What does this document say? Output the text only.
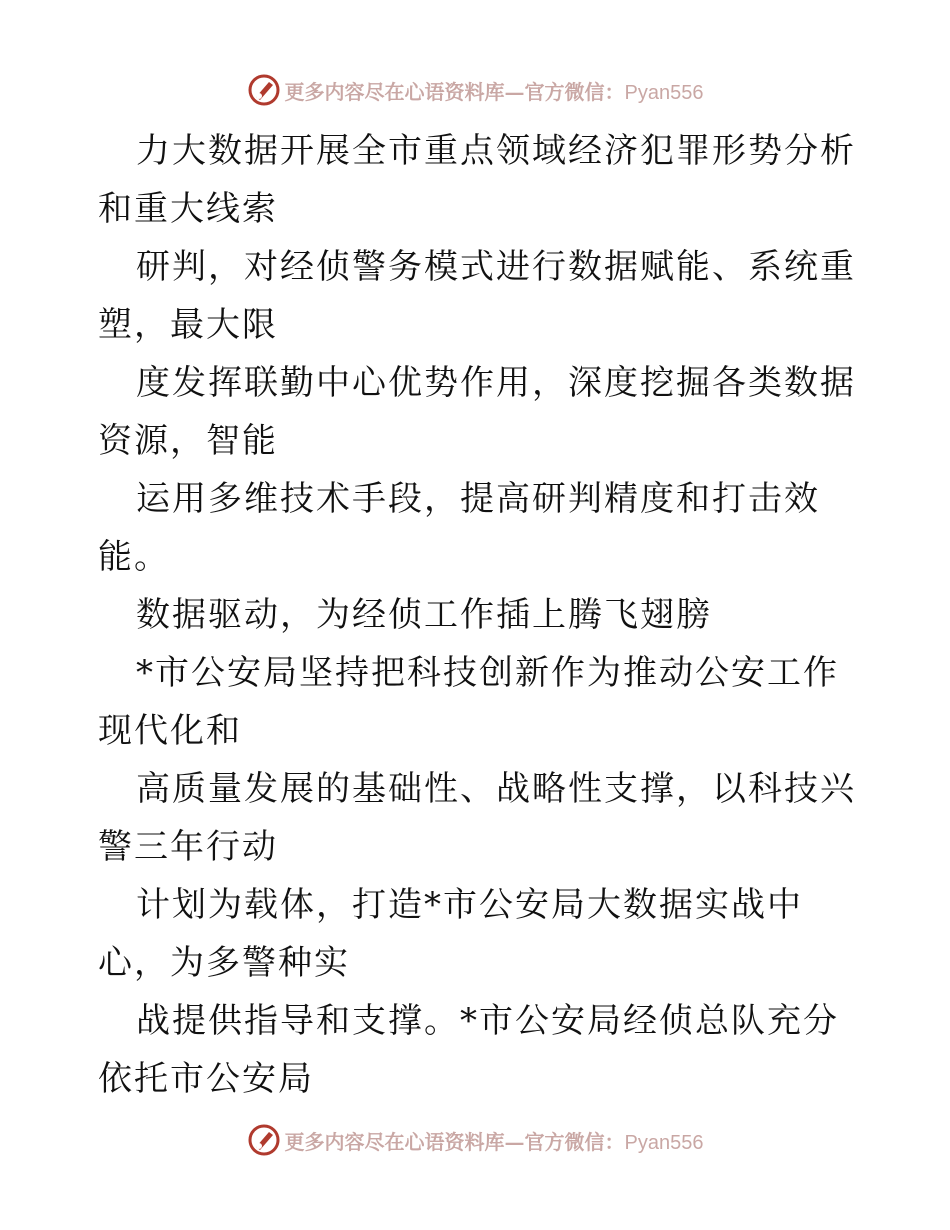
更多内容尽在心语资料库—官方微信：Pyan556

力大数据开展全市重点领域经济犯罪形势分析和重大线索

研判，对经侦警务模式进行数据赋能、系统重塑，最大限

度发挥联勤中心优势作用，深度挖掘各类数据资源，智能

运用多维技术手段，提高研判精度和打击效能。

数据驱动，为经侦工作插上腾飞翅膀

*市公安局坚持把科技创新作为推动公安工作现代化和

高质量发展的基础性、战略性支撑，以科技兴警三年行动

计划为载体，打造*市公安局大数据实战中心，为多警种实

战提供指导和支撑。*市公安局经侦总队充分依托市公安局

更多内容尽在心语资料库—官方微信：Pyan556
